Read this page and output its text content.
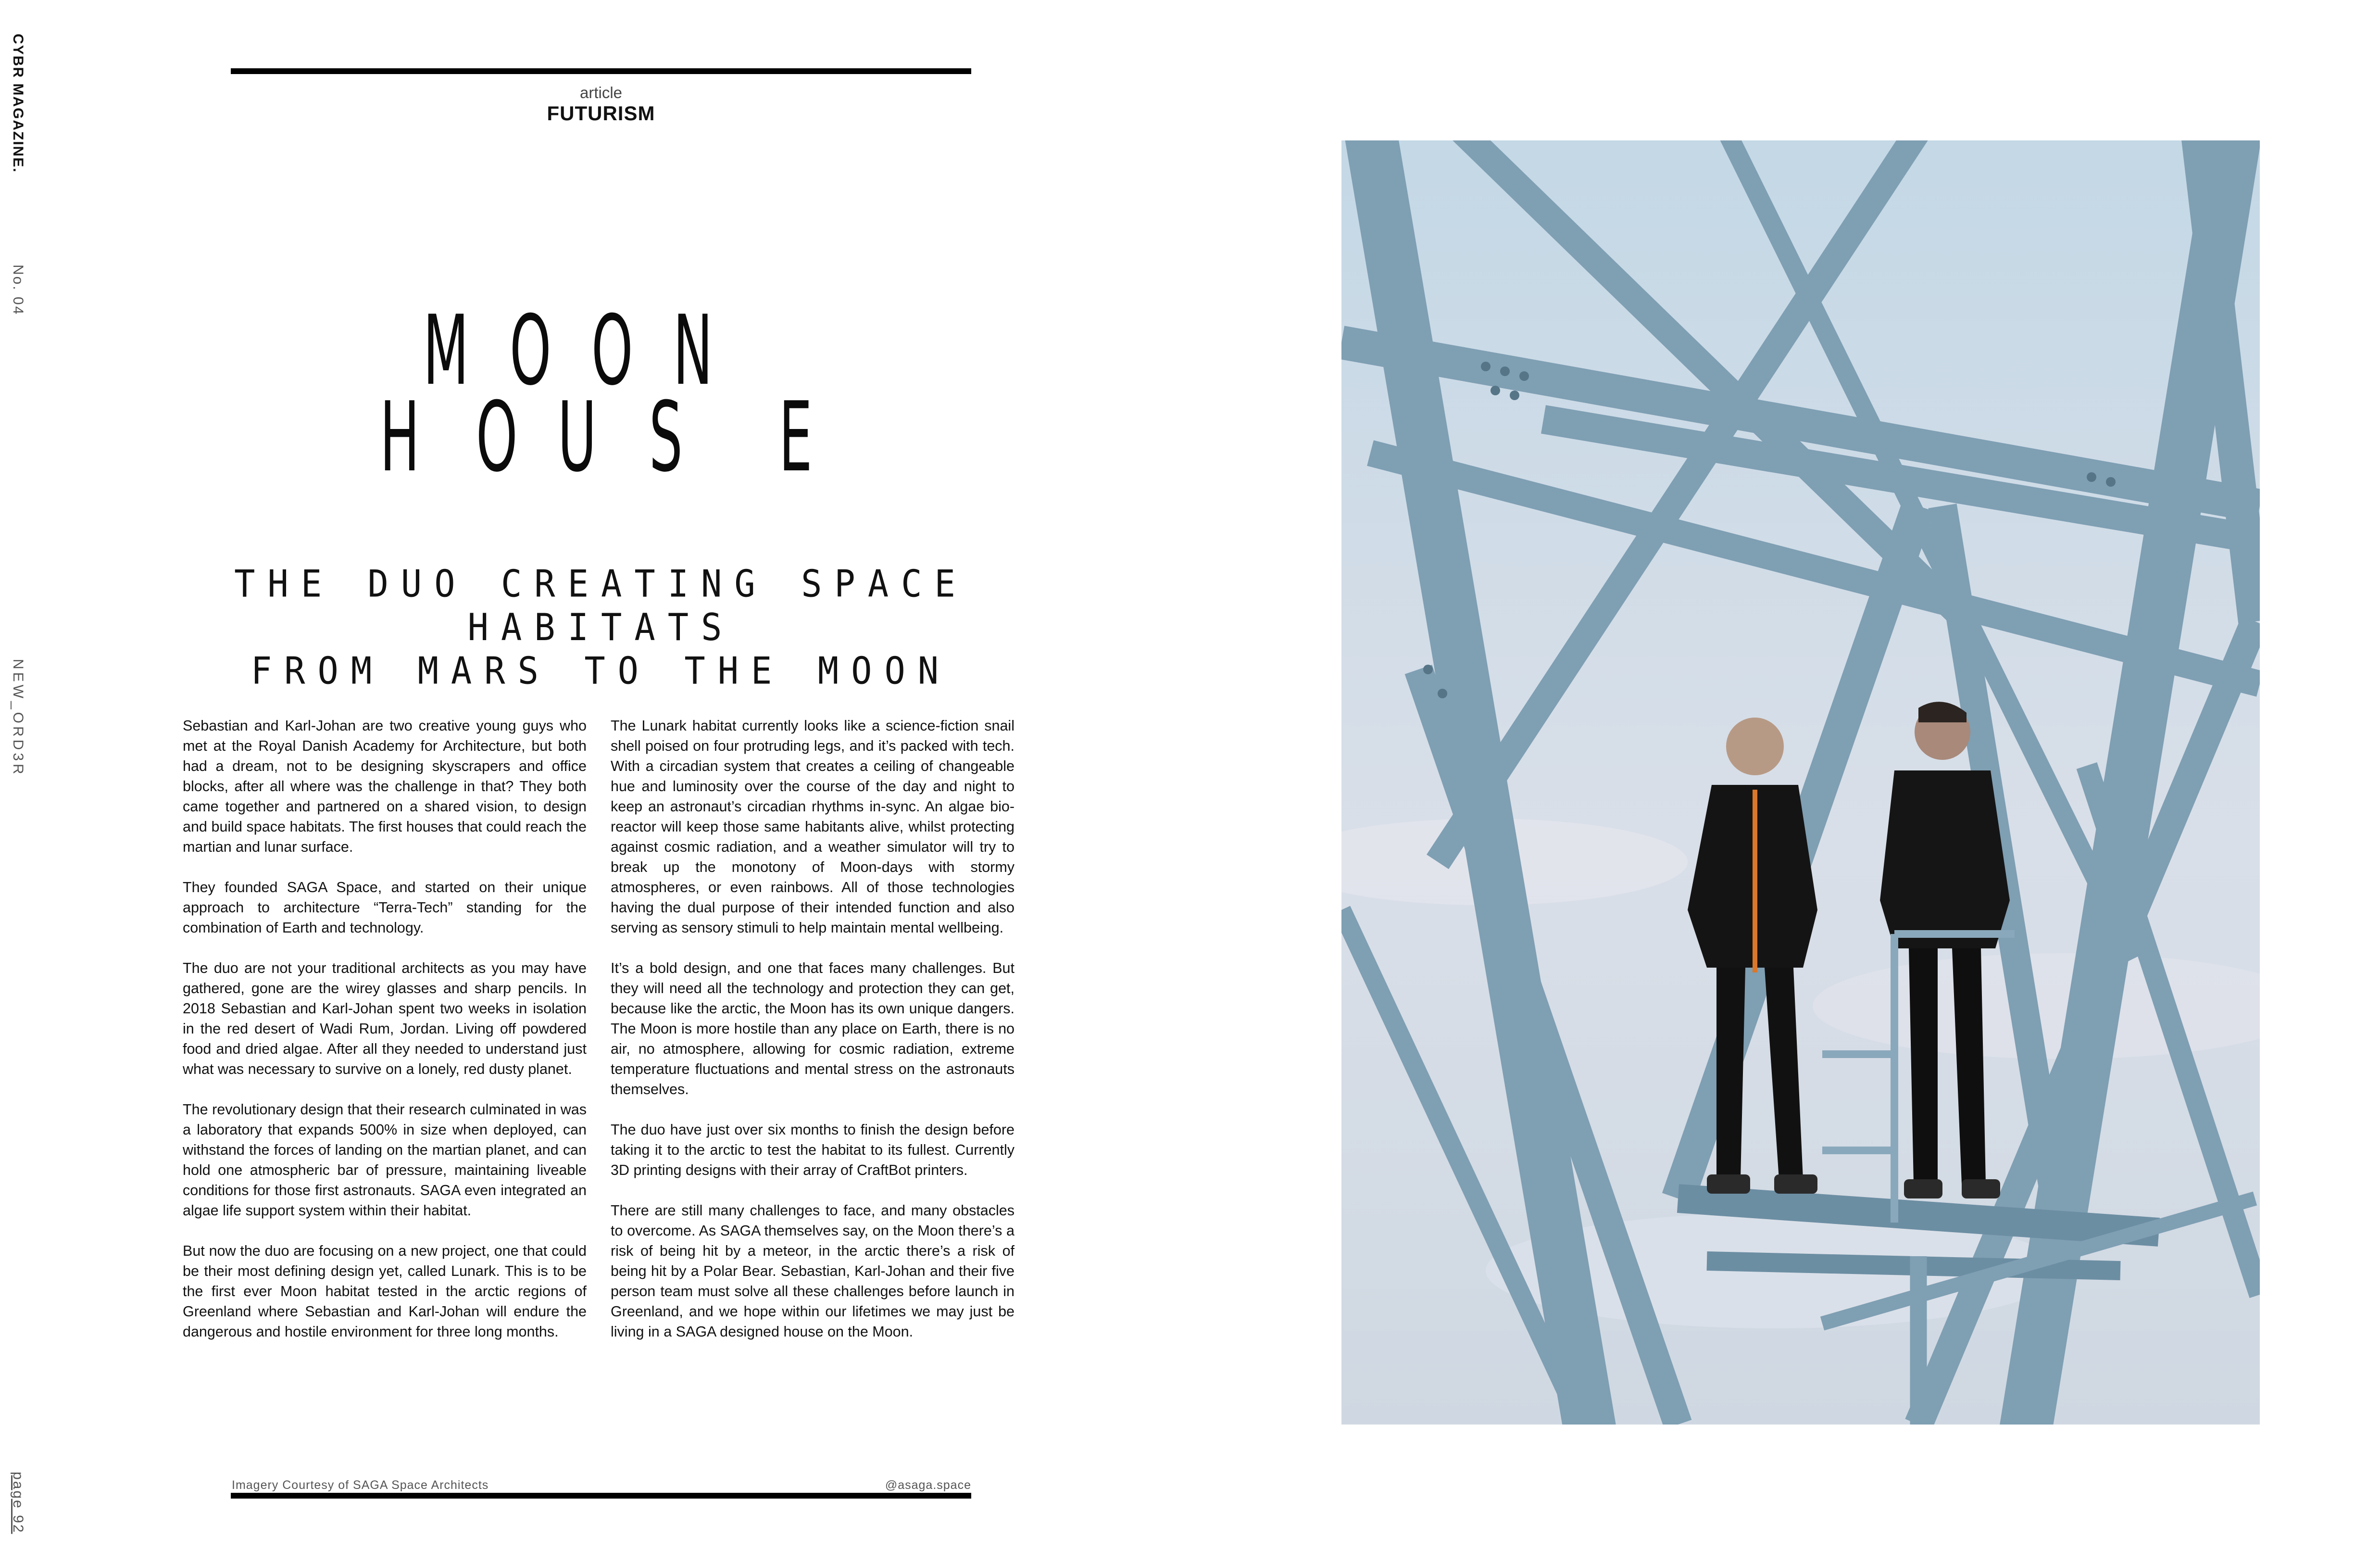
CYBR MAGAZINE.
No. 04
NEW_ORD3R
page 92
article
FUTURISM
M O O N
H O U S E
THE DUO CREATING SPACE HABITATS
FROM MARS TO THE MOON

Sebastian and Karl-Johan are two creative young guys who met at the Royal Danish Academy for Architecture, but both had a dream, not to be designing skyscrapers and office blocks, after all where was the challenge in that? They both came together and partnered on a shared vision, to design and build space habitats. The first houses that could reach the martian and lunar surface.

They founded SAGA Space, and started on their unique approach to architecture “Terra-Tech” standing for the combination of Earth and technology.

The duo are not your traditional architects as you may have gathered, gone are the wirey glasses and sharp pencils. In 2018 Sebastian and Karl-Johan spent two weeks in isolation in the red desert of Wadi Rum, Jordan. Living off powdered food and dried algae. After all they needed to understand just what was necessary to survive on a lonely, red dusty planet.

The revolutionary design that their research culminated in was a laboratory that expands 500% in size when deployed, can withstand the forces of landing on the martian planet, and can hold one atmospheric bar of pressure, maintaining liveable conditions for those first astronauts. SAGA even integrated an algae life support system within their habitat.

But now the duo are focusing on a new project, one that could be their most defining design yet, called Lunark. This is to be the first ever Moon habitat tested in the arctic regions of Greenland where Sebastian and Karl-Johan will endure the dangerous and hostile environment for three long months.

The Lunark habitat currently looks like a science-fiction snail shell poised on four protruding legs, and it’s packed with tech. With a circadian system that creates a ceiling of changeable hue and luminosity over the course of the day and night to keep an astronaut’s circadian rhythms in-sync. An algae bio-reactor will keep those same habitants alive, whilst protecting against cosmic radiation, and a weather simulator will try to break up the monotony of Moon-days with stormy atmospheres, or even rainbows. All of those technologies having the dual purpose of their intended function and also serving as sensory stimuli to help maintain mental wellbeing.

It’s a bold design, and one that faces many challenges. But they will need all the technology and protection they can get, because like the arctic, the Moon has its own unique dangers. The Moon is more hostile than any place on Earth, there is no air, no atmosphere, allowing for cosmic radiation, extreme temperature fluctuations and mental stress on the astronauts themselves.

The duo have just over six months to finish the design before taking it to the arctic to test the habitat to its fullest. Currently 3D printing designs with their array of CraftBot printers.

There are still many challenges to face, and many obstacles to overcome. As SAGA themselves say, on the Moon there’s a risk of being hit by a meteor, in the arctic there’s a risk of being hit by a Polar Bear. Sebastian, Karl-Johan and their five person team must solve all these challenges before launch in Greenland, and we hope within our lifetimes we may just be living in a SAGA designed house on the Moon.

Imagery Courtesy of SAGA Space Architects	@asaga.space
